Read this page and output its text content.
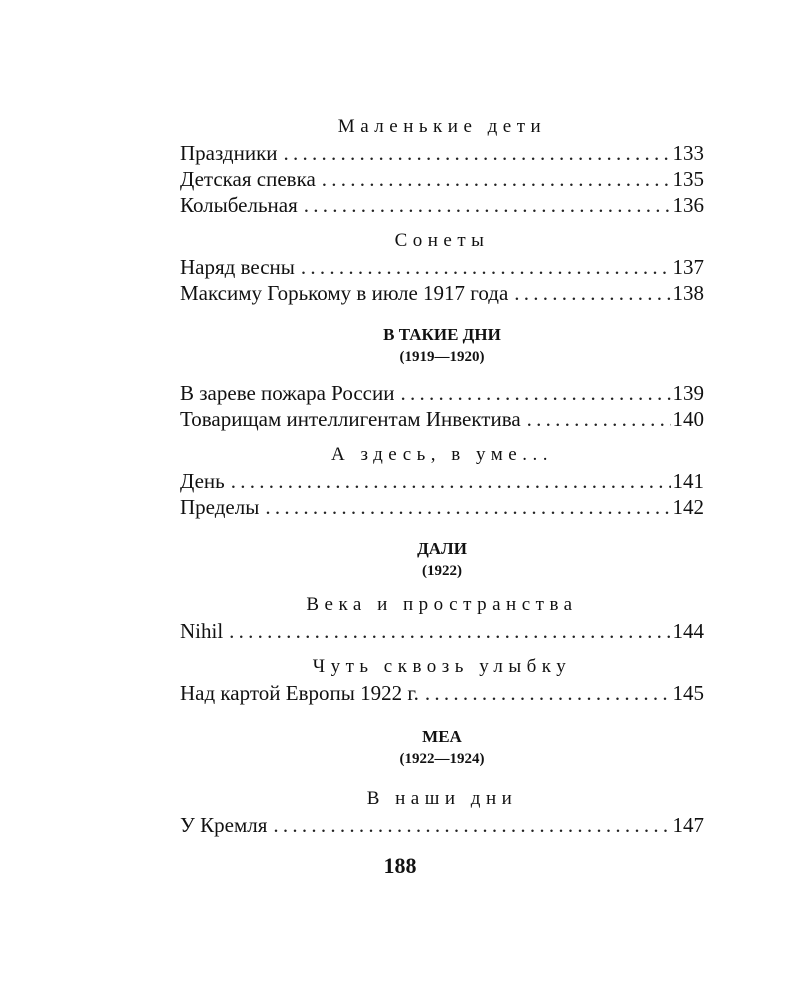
Маленькие дети
Праздники . . .	133
Детская спевка . . .	135
Колыбельная . . .	136
Сонеты
Наряд весны . . .	137
Максиму Горькому в июле 1917 года . . .	138
В ТАКИЕ ДНИ
(1919—1920)
В зареве пожара России . . .	139
Товарищам интеллигентам Инвектива . . .	140
А здесь, в уме...
День . . .	141
Пределы . . .	142
ДАЛИ
(1922)
Века и пространства
Nihil . . .	144
Чуть сквозь улыбку
Над картой Европы 1922 г. . . .	145
МЕА
(1922—1924)
В наши дни
У Кремля . . .	147
188
